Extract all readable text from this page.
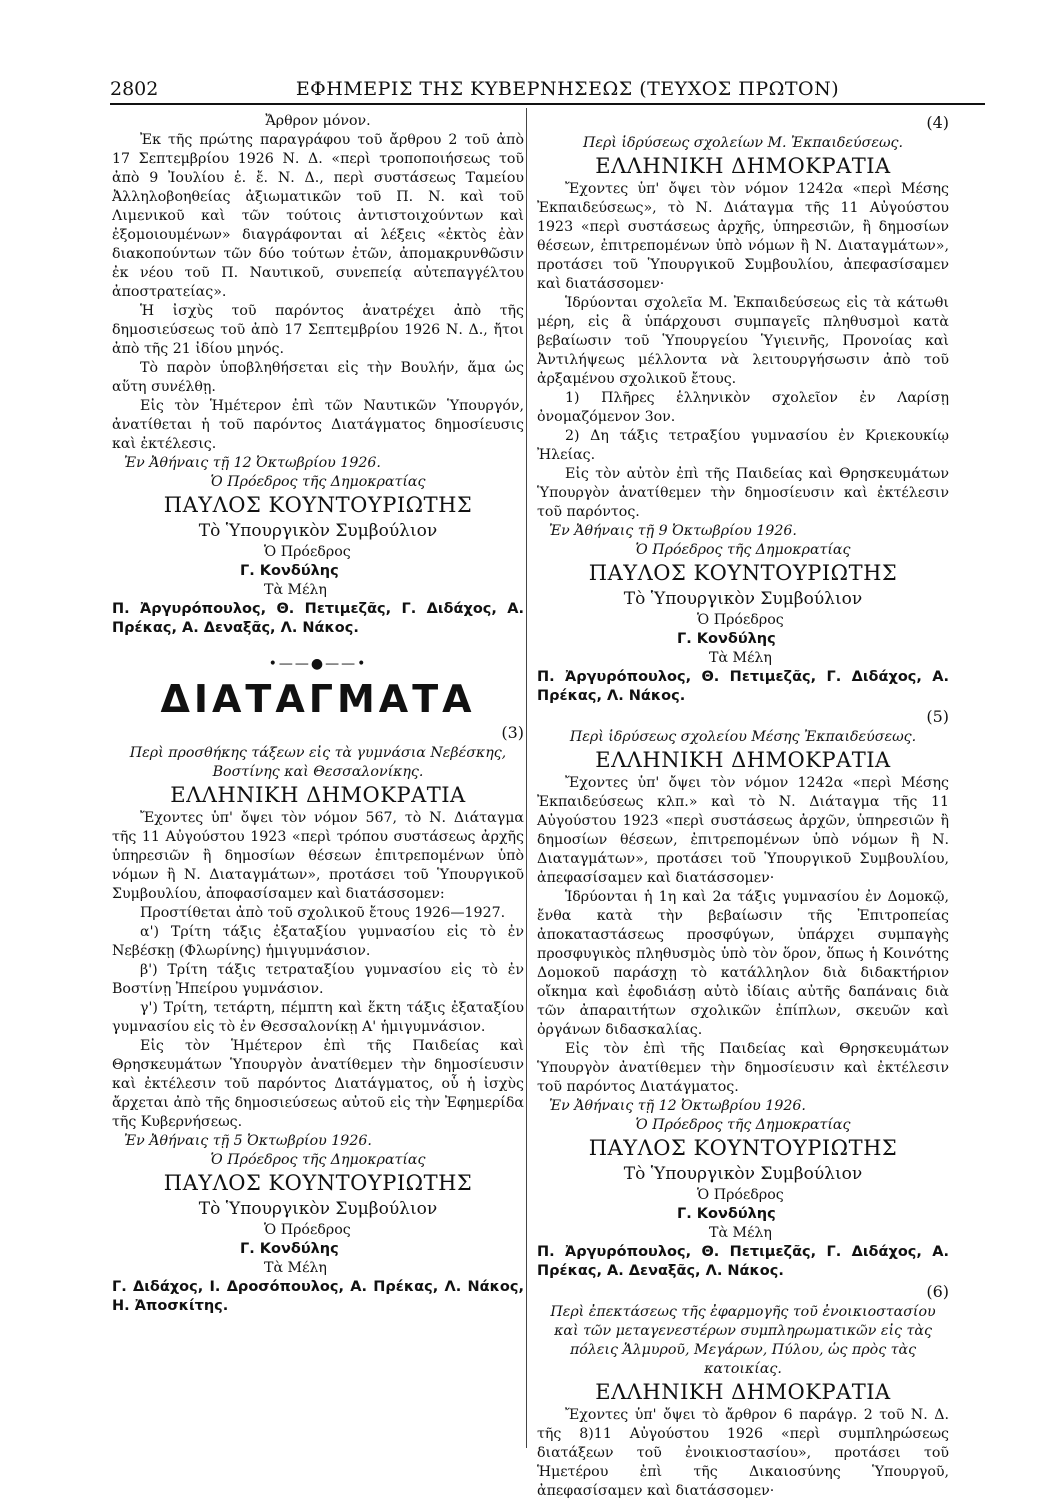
2802	ΕΦΗΜΕΡΙΣ ΤΗΣ ΚΥΒΕΡΝΗΣΕΩΣ (ΤΕΥΧΟΣ ΠΡΩΤΟΝ)

Ἄρθρον μόνον.

Ἐκ τῆς πρώτης παραγράφου τοῦ ἄρθρου 2 τοῦ ἀπὸ 17 Σεπτεμβρίου 1926 Ν. Δ. «περὶ τροποποιήσεως τοῦ ἀπὸ 9 Ἰουλίου ἑ. ἔ. Ν. Δ., περὶ συστάσεως Ταμείου Ἀλληλοβοηθείας ἀξιωματικῶν τοῦ Π. Ν. καὶ τοῦ Λιμενικοῦ καὶ τῶν τούτοις ἀντιστοιχούντων καὶ ἐξομοιουμένων» διαγράφονται αἱ λέξεις «ἐκτὸς ἐὰν διακοπούντων τῶν δύο τούτων ἐτῶν, ἀπομακρυνθῶσιν ἐκ νέου τοῦ Π. Ναυτικοῦ, συνεπείᾳ αὐτεπαγγέλτου ἀποστρατείας».

Ἡ ἰσχὺς τοῦ παρόντος ἀνατρέχει ἀπὸ τῆς δημοσιεύσεως τοῦ ἀπὸ 17 Σεπτεμβρίου 1926 Ν. Δ., ἤτοι ἀπὸ τῆς 21 ἰδίου μηνός.

Τὸ παρὸν ὑποβληθήσεται εἰς τὴν Βουλήν, ἅμα ὡς αὕτη συνέλθῃ.

Εἰς τὸν Ἡμέτερον ἐπὶ τῶν Ναυτικῶν Ὑπουργόν, ἀνατίθεται ἡ τοῦ παρόντος Διατάγματος δημοσίευσις καὶ ἐκτέλεσις.

Ἐν Ἀθήναις τῇ 12 Ὀκτωβρίου 1926.

Ὁ Πρόεδρος τῆς Δημοκρατίας

ΠΑΥΛΟΣ ΚΟΥΝΤΟΥΡΙΩΤΗΣ

Τὸ Ὑπουργικὸν Συμβούλιον

Ὁ Πρόεδρος

Γ. Κονδύλης

Τὰ Μέλη

Π. Ἀργυρόπουλος, Θ. Πετιμεζᾶς, Γ. Διδάχος, Α. Πρέκας, Α. Δεναξᾶς, Λ. Νάκος.

•——●——•
ΔΙΑΤΑΓΜΑΤΑ

(3)

Περὶ προσθήκης τάξεων εἰς τὰ γυμνάσια Νεβέσκης, Βοστίνης καὶ Θεσσαλονίκης.

ΕΛΛΗΝΙΚΗ ΔΗΜΟΚΡΑΤΙΑ

Ἔχοντες ὑπ' ὄψει τὸν νόμον 567, τὸ Ν. Διάταγμα τῆς 11 Αὐγούστου 1923 «περὶ τρόπου συστάσεως ἀρχῆς ὑπηρεσιῶν ἢ δημοσίων θέσεων ἐπιτρεπομένων ὑπὸ νόμων ἢ Ν. Διαταγμάτων», προτάσει τοῦ Ὑπουργικοῦ Συμβουλίου, ἀποφασίσαμεν καὶ διατάσσομεν:

Προστίθεται ἀπὸ τοῦ σχολικοῦ ἔτους 1926—1927.

α') Τρίτη τάξις ἐξαταξίου γυμνασίου εἰς τὸ ἐν Νεβέσκῃ (Φλωρίνης) ἡμιγυμνάσιον.

β') Τρίτη τάξις τετραταξίου γυμνασίου εἰς τὸ ἐν Βοστίνῃ Ἠπείρου γυμνάσιον.

γ') Τρίτη, τετάρτη, πέμπτη καὶ ἕκτη τάξις ἐξαταξίου γυμνασίου εἰς τὸ ἐν Θεσσαλονίκῃ Α' ἡμιγυμνάσιον.

Εἰς τὸν Ἡμέτερον ἐπὶ τῆς Παιδείας καὶ Θρησκευμάτων Ὑπουργὸν ἀνατίθεμεν τὴν δημοσίευσιν καὶ ἐκτέλεσιν τοῦ παρόντος Διατάγματος, οὗ ἡ ἰσχὺς ἄρχεται ἀπὸ τῆς δημοσιεύσεως αὐτοῦ εἰς τὴν Ἐφημερίδα τῆς Κυβερνήσεως.

Ἐν Ἀθήναις τῇ 5 Ὀκτωβρίου 1926.

Ὁ Πρόεδρος τῆς Δημοκρατίας

ΠΑΥΛΟΣ ΚΟΥΝΤΟΥΡΙΩΤΗΣ

Τὸ Ὑπουργικὸν Συμβούλιον

Ὁ Πρόεδρος

Γ. Κονδύλης

Τὰ Μέλη

Γ. Διδάχος, Ι. Δροσόπουλος, Α. Πρέκας, Λ. Νάκος, Η. Ἀποσκίτης.

(4)

Περὶ ἱδρύσεως σχολείων Μ. Ἐκπαιδεύσεως.

ΕΛΛΗΝΙΚΗ ΔΗΜΟΚΡΑΤΙΑ

Ἔχοντες ὑπ' ὄψει τὸν νόμον 1242α «περὶ Μέσης Ἐκπαιδεύσεως», τὸ Ν. Διάταγμα τῆς 11 Αὐγούστου 1923 «περὶ συστάσεως ἀρχῆς, ὑπηρεσιῶν, ἢ δημοσίων θέσεων, ἐπιτρεπομένων ὑπὸ νόμων ἢ Ν. Διαταγμάτων», προτάσει τοῦ Ὑπουργικοῦ Συμβουλίου, ἀπεφασίσαμεν καὶ διατάσσομεν·

Ἱδρύονται σχολεῖα Μ. Ἐκπαιδεύσεως εἰς τὰ κάτωθι μέρη, εἰς ἃ ὑπάρχουσι συμπαγεῖς πληθυσμοὶ κατὰ βεβαίωσιν τοῦ Ὑπουργείου Ὑγιεινῆς, Προνοίας καὶ Ἀντιλήψεως μέλλοντα νὰ λειτουργήσωσιν ἀπὸ τοῦ ἀρξαμένου σχολικοῦ ἔτους.

1) Πλῆρες ἑλληνικὸν σχολεῖον ἐν Λαρίσῃ ὀνομαζόμενον 3ον.

2) Δη τάξις τετραξίου γυμνασίου ἐν Κριεκουκίῳ Ἠλείας.

Εἰς τὸν αὐτὸν ἐπὶ τῆς Παιδείας καὶ Θρησκευμάτων Ὑπουργὸν ἀνατίθεμεν τὴν δημοσίευσιν καὶ ἐκτέλεσιν τοῦ παρόντος.

Ἐν Ἀθήναις τῇ 9 Ὀκτωβρίου 1926.

Ὁ Πρόεδρος τῆς Δημοκρατίας

ΠΑΥΛΟΣ ΚΟΥΝΤΟΥΡΙΩΤΗΣ

Τὸ Ὑπουργικὸν Συμβούλιον

Ὁ Πρόεδρος

Γ. Κονδύλης

Τὰ Μέλη

Π. Ἀργυρόπουλος, Θ. Πετιμεζᾶς, Γ. Διδάχος, Α. Πρέκας, Λ. Νάκος.

(5)

Περὶ ἱδρύσεως σχολείου Μέσης Ἐκπαιδεύσεως.

ΕΛΛΗΝΙΚΗ ΔΗΜΟΚΡΑΤΙΑ

Ἔχοντες ὑπ' ὄψει τὸν νόμον 1242α «περὶ Μέσης Ἐκπαιδεύσεως κλπ.» καὶ τὸ Ν. Διάταγμα τῆς 11 Αὐγούστου 1923 «περὶ συστάσεως ἀρχῶν, ὑπηρεσιῶν ἢ δημοσίων θέσεων, ἐπιτρεπομένων ὑπὸ νόμων ἢ Ν. Διαταγμάτων», προτάσει τοῦ Ὑπουργικοῦ Συμβουλίου, ἀπεφασίσαμεν καὶ διατάσσομεν·

Ἱδρύονται ἡ 1η καὶ 2α τάξις γυμνασίου ἐν Δομοκῷ, ἔνθα κατὰ τὴν βεβαίωσιν τῆς Ἐπιτροπείας ἀποκαταστάσεως προσφύγων, ὑπάρχει συμπαγὴς προσφυγικὸς πληθυσμὸς ὑπὸ τὸν ὅρον, ὅπως ἡ Κοινότης Δομοκοῦ παράσχῃ τὸ κατάλληλον διὰ διδακτήριον οἴκημα καὶ ἐφοδιάσῃ αὐτὸ ἰδίαις αὐτῆς δαπάναις διὰ τῶν ἀπαραιτήτων σχολικῶν ἐπίπλων, σκευῶν καὶ ὀργάνων διδασκαλίας.

Εἰς τὸν ἐπὶ τῆς Παιδείας καὶ Θρησκευμάτων Ὑπουργὸν ἀνατίθεμεν τὴν δημοσίευσιν καὶ ἐκτέλεσιν τοῦ παρόντος Διατάγματος.

Ἐν Ἀθήναις τῇ 12 Ὀκτωβρίου 1926.

Ὁ Πρόεδρος τῆς Δημοκρατίας

ΠΑΥΛΟΣ ΚΟΥΝΤΟΥΡΙΩΤΗΣ

Τὸ Ὑπουργικὸν Συμβούλιον

Ὁ Πρόεδρος

Γ. Κονδύλης

Τὰ Μέλη

Π. Ἀργυρόπουλος, Θ. Πετιμεζᾶς, Γ. Διδάχος, Α. Πρέκας, Α. Δεναξᾶς, Λ. Νάκος.

(6)

Περὶ ἐπεκτάσεως τῆς ἐφαρμογῆς τοῦ ἐνοικιοστασίου καὶ τῶν μεταγενεστέρων συμπληρωματικῶν εἰς τὰς πόλεις Ἁλμυροῦ, Μεγάρων, Πύλου, ὡς πρὸς τὰς κατοικίας.

ΕΛΛΗΝΙΚΗ ΔΗΜΟΚΡΑΤΙΑ

Ἔχοντες ὑπ' ὄψει τὸ ἄρθρον 6 παράγρ. 2 τοῦ Ν. Δ. τῆς 8)11 Αὐγούστου 1926 «περὶ συμπληρώσεως διατάξεων τοῦ ἐνοικιοστασίου», προτάσει τοῦ Ἡμετέρου ἐπὶ τῆς Δικαιοσύνης Ὑπουργοῦ, ἀπεφασίσαμεν καὶ διατάσσομεν·
